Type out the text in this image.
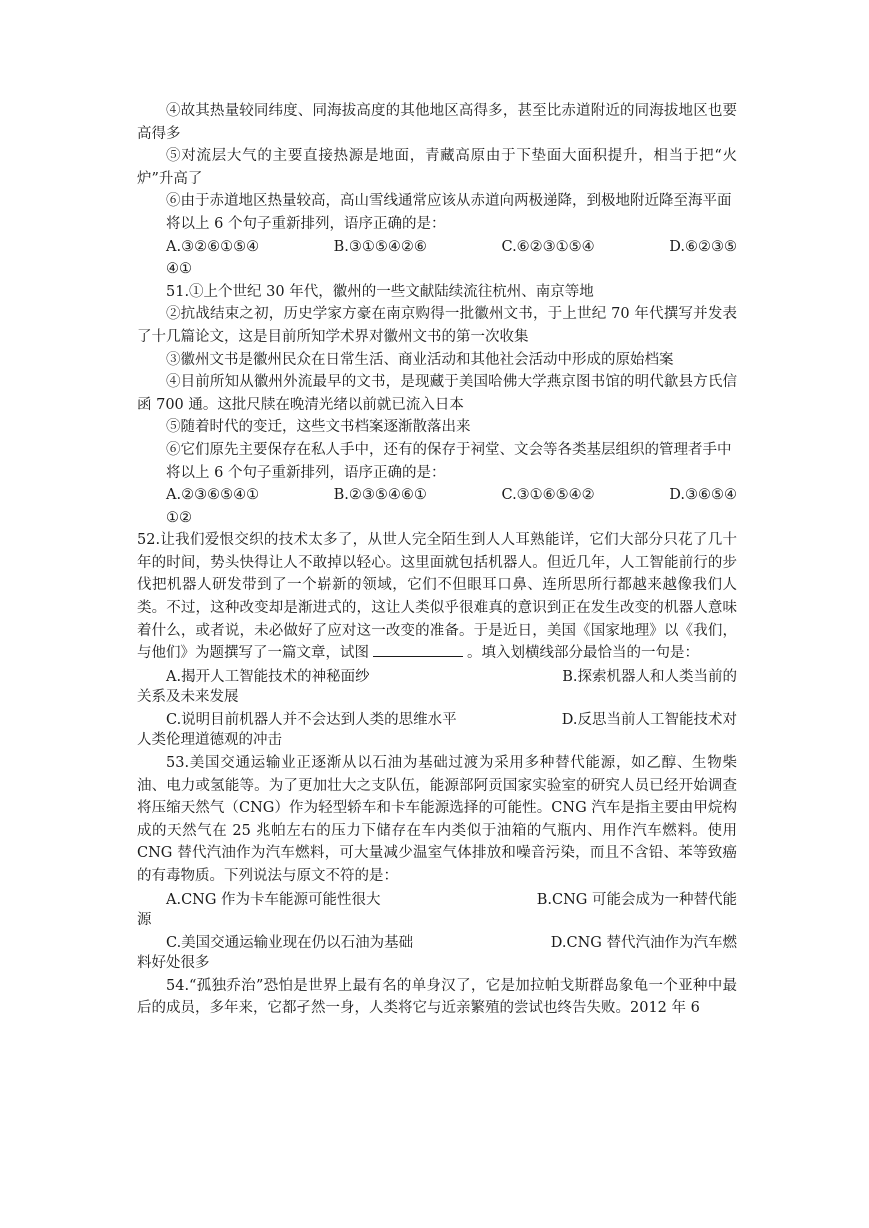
④故其热量较同纬度、同海拔高度的其他地区高得多，甚至比赤道附近的同海拔地区也要高得多

⑤对流层大气的主要直接热源是地面，青藏高原由于下垫面大面积提升，相当于把“火炉”升高了

⑥由于赤道地区热量较高，高山雪线通常应该从赤道向两极递降，到极地附近降至海平面

将以上 6 个句子重新排列，语序正确的是：

A.③②⑥①⑤④	B.③①⑤④②⑥	C.⑥②③①⑤④	D.⑥②③⑤

④①

51.①上个世纪 30 年代，徽州的一些文献陆续流往杭州、南京等地

②抗战结束之初，历史学家方豪在南京购得一批徽州文书，于上世纪 70 年代撰写并发表了十几篇论文，这是目前所知学术界对徽州文书的第一次收集

③徽州文书是徽州民众在日常生活、商业活动和其他社会活动中形成的原始档案

④目前所知从徽州外流最早的文书，是现藏于美国哈佛大学燕京图书馆的明代歙县方氏信函 700 通。这批尺牍在晚清光绪以前就已流入日本

⑤随着时代的变迁，这些文书档案逐渐散落出来

⑥它们原先主要保存在私人手中，还有的保存于祠堂、文会等各类基层组织的管理者手中

将以上 6 个句子重新排列，语序正确的是：

A.②③⑥⑤④①	B.②③⑤④⑥①	C.③①⑥⑤④②	D.③⑥⑤④

①②

52.让我们爱恨交织的技术太多了，从世人完全陌生到人人耳熟能详，它们大部分只花了几十年的时间，势头快得让人不敢掉以轻心。这里面就包括机器人。但近几年，人工智能前行的步伐把机器人研发带到了一个崭新的领域，它们不但眼耳口鼻、连所思所行都越来越像我们人类。不过，这种改变却是渐进式的，这让人类似乎很难真的意识到正在发生改变的机器人意味着什么，或者说，未必做好了应对这一改变的准备。于是近日，美国《国家地理》以《我们，与他们》为题撰写了一篇文章，试图	。填入划横线部分最恰当的一句是：

A.揭开人工智能技术的神秘面纱	B.探索机器人和人类当前的

关系及未来发展

C.说明目前机器人并不会达到人类的思维水平	D.反思当前人工智能技术对

人类伦理道德观的冲击

53.美国交通运输业正逐渐从以石油为基础过渡为采用多种替代能源，如乙醇、生物柴油、电力或氢能等。为了更加壮大之支队伍，能源部阿贡国家实验室的研究人员已经开始调查将压缩天然气（CNG）作为轻型轿车和卡车能源选择的可能性。CNG 汽车是指主要由甲烷构成的天然气在 25 兆帕左右的压力下储存在车内类似于油箱的气瓶内、用作汽车燃料。使用 CNG 替代汽油作为汽车燃料，可大量减少温室气体排放和噪音污染，而且不含铅、苯等致癌的有毒物质。下列说法与原文不符的是：

A.CNG 作为卡车能源可能性很大	B.CNG 可能会成为一种替代能

源

C.美国交通运输业现在仍以石油为基础	D.CNG 替代汽油作为汽车燃

料好处很多

54.“孤独乔治”恐怕是世界上最有名的单身汉了，它是加拉帕戈斯群岛象龟一个亚种中最后的成员，多年来，它都孑然一身，人类将它与近亲繁殖的尝试也终告失败。2012 年 6
